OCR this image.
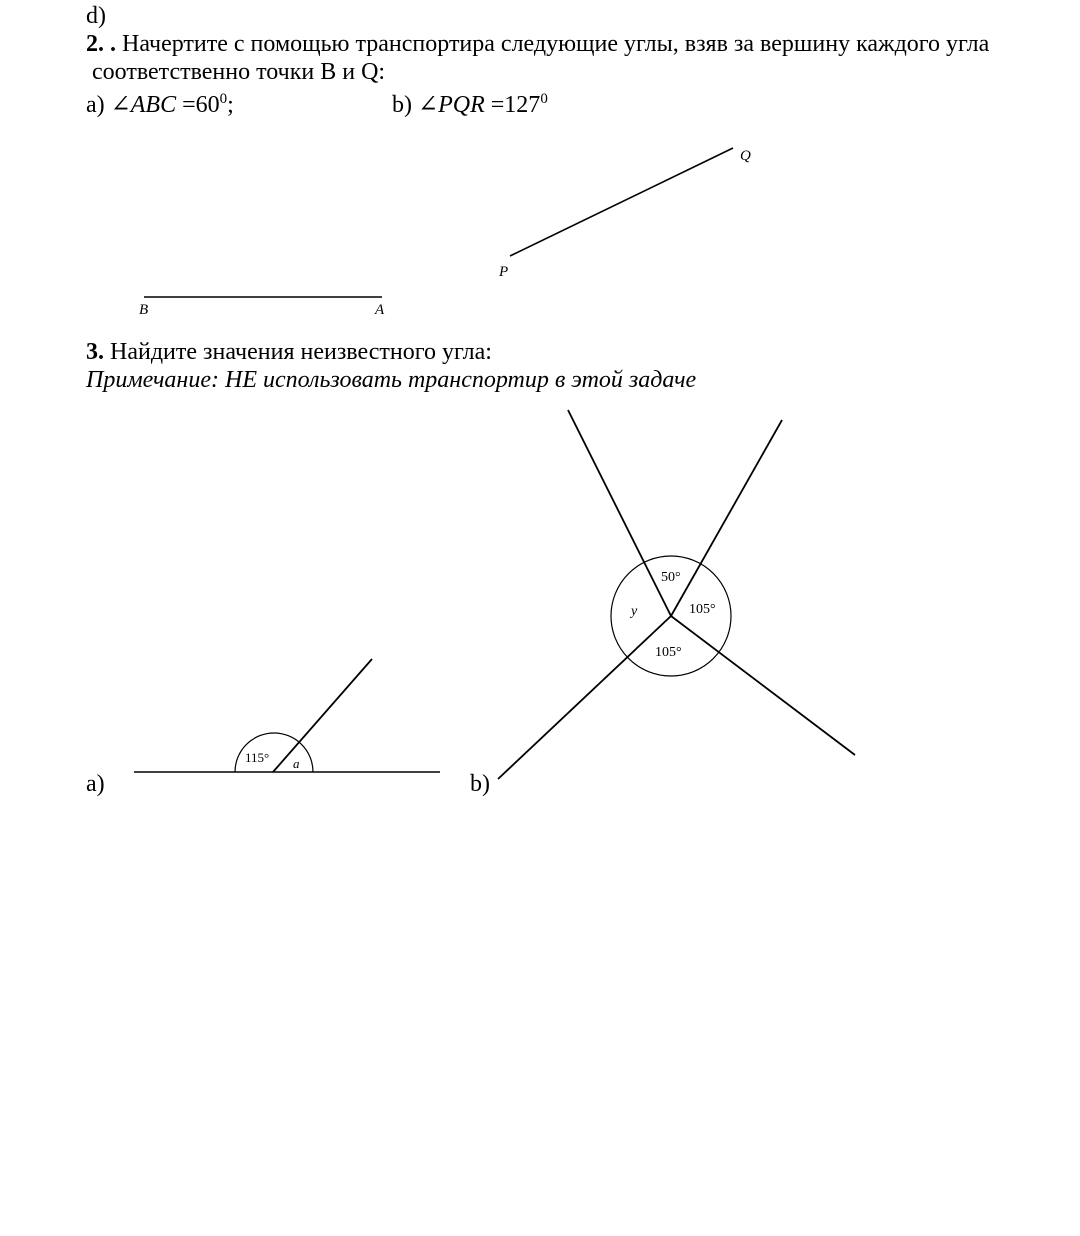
d)
2. . Начертите с помощью транспортира следующие углы, взяв за вершину каждого угла
соответственно точки B и Q:
a) ∠ABC $=60^0$;	b) ∠PQR $=127^0$
3. Найдите значения неизвестного угла:
Примечание: НЕ использовать транспортир в этой задаче
a)	b)
B	A
P
Q
115° a
50°
105°
105°
y
